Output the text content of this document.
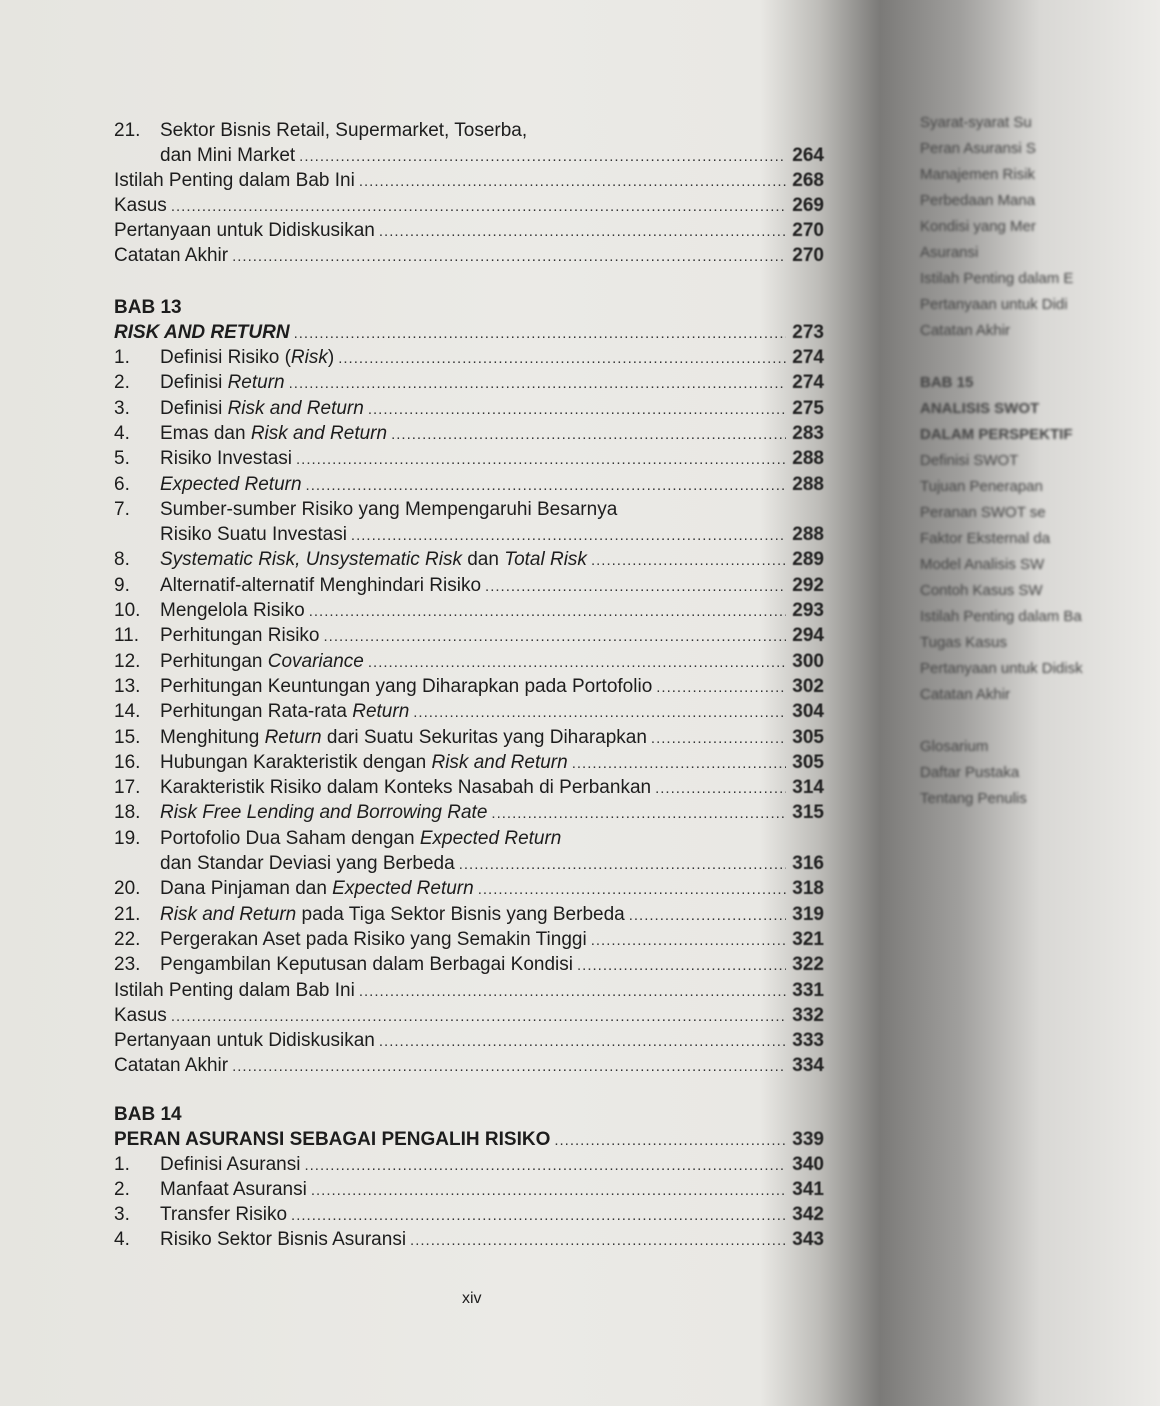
21.	Sektor Bisnis Retail, Supermarket, Toserba,
dan Mini Market .....	264
Istilah Penting dalam Bab Ini .....	268
Kasus .....	269
Pertanyaan untuk Didiskusikan .....	270
Catatan Akhir .....	270
BAB 13
RISK AND RETURN .....	273
1.	Definisi Risiko (Risk) .....	274
2.	Definisi Return .....	274
3.	Definisi Risk and Return .....	275
4.	Emas dan Risk and Return .....	283
5.	Risiko Investasi .....	288
6.	Expected Return .....	288
7.	Sumber-sumber Risiko yang Mempengaruhi Besarnya
Risiko Suatu Investasi .....	288
8.	Systematic Risk, Unsystematic Risk dan Total Risk .....	289
9.	Alternatif-alternatif Menghindari Risiko .....	292
10.	Mengelola Risiko .....	293
11.	Perhitungan Risiko .....	294
12.	Perhitungan Covariance .....	300
13.	Perhitungan Keuntungan yang Diharapkan pada Portofolio .....	302
14.	Perhitungan Rata-rata Return .....	304
15.	Menghitung Return dari Suatu Sekuritas yang Diharapkan .....	305
16.	Hubungan Karakteristik dengan Risk and Return .....	305
17.	Karakteristik Risiko dalam Konteks Nasabah di Perbankan .....	314
18.	Risk Free Lending and Borrowing Rate .....	315
19.	Portofolio Dua Saham dengan Expected Return
dan Standar Deviasi yang Berbeda .....	316
20.	Dana Pinjaman dan Expected Return .....	318
21.	Risk and Return pada Tiga Sektor Bisnis yang Berbeda .....	319
22.	Pergerakan Aset pada Risiko yang Semakin Tinggi .....	321
23.	Pengambilan Keputusan dalam Berbagai Kondisi .....	322
Istilah Penting dalam Bab Ini .....	331
Kasus .....	332
Pertanyaan untuk Didiskusikan .....	333
Catatan Akhir .....	334
BAB 14
PERAN ASURANSI SEBAGAI PENGALIH RISIKO .....	339
1.	Definisi Asuransi .....	340
2.	Manfaat Asuransi .....	341
3.	Transfer Risiko .....	342
4.	Risiko Sektor Bisnis Asuransi .....	343
xiv
Syarat-syarat Su
Peran Asuransi S
Manajemen Risik
Perbedaan Mana
Kondisi yang Mer
Asuransi
Istilah Penting dalam E
Pertanyaan untuk Didi
Catatan Akhir
BAB 15
ANALISIS SWOT
DALAM PERSPEKTIF
Definisi SWOT
Tujuan Penerapan
Peranan SWOT se
Faktor Eksternal da
Model Analisis SW
Contoh Kasus SW
Istilah Penting dalam Ba
Tugas Kasus
Pertanyaan untuk Didisk
Catatan Akhir
Glosarium
Daftar Pustaka
Tentang Penulis
